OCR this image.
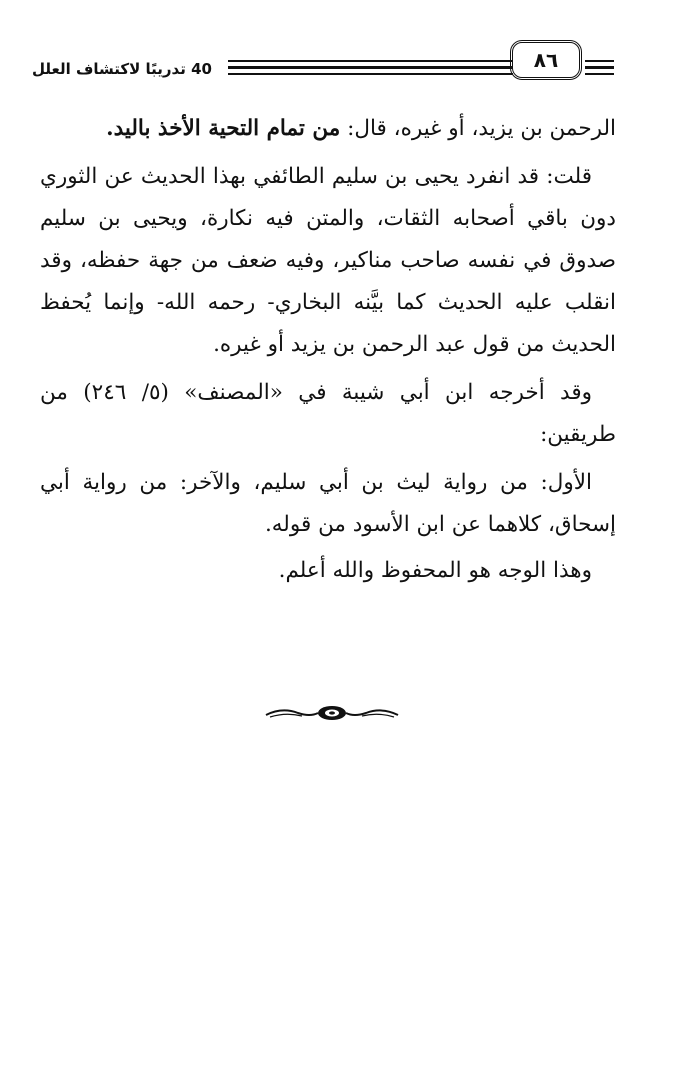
40 تدريبًا لاكتشاف العلل	٨٦

الرحمن بن يزيد، أو غيره، قال: من تمام التحية الأخذ باليد.

قلت: قد انفرد يحيى بن سليم الطائفي بهذا الحديث عن الثوري دون باقي أصحابه الثقات، والمتن فيه نكارة، ويحيى بن سليم صدوق في نفسه صاحب مناكير، وفيه ضعف من جهة حفظه، وقد انقلب عليه الحديث كما بيَّنه البخاري- رحمه الله- وإنما يُحفظ الحديث من قول عبد الرحمن بن يزيد أو غيره.

وقد أخرجه ابن أبي شيبة في «المصنف» (٥/ ٢٤٦) من طريقين:

الأول: من رواية ليث بن أبي سليم، والآخر: من رواية أبي إسحاق، كلاهما عن ابن الأسود من قوله.

وهذا الوجه هو المحفوظ والله أعلم.
